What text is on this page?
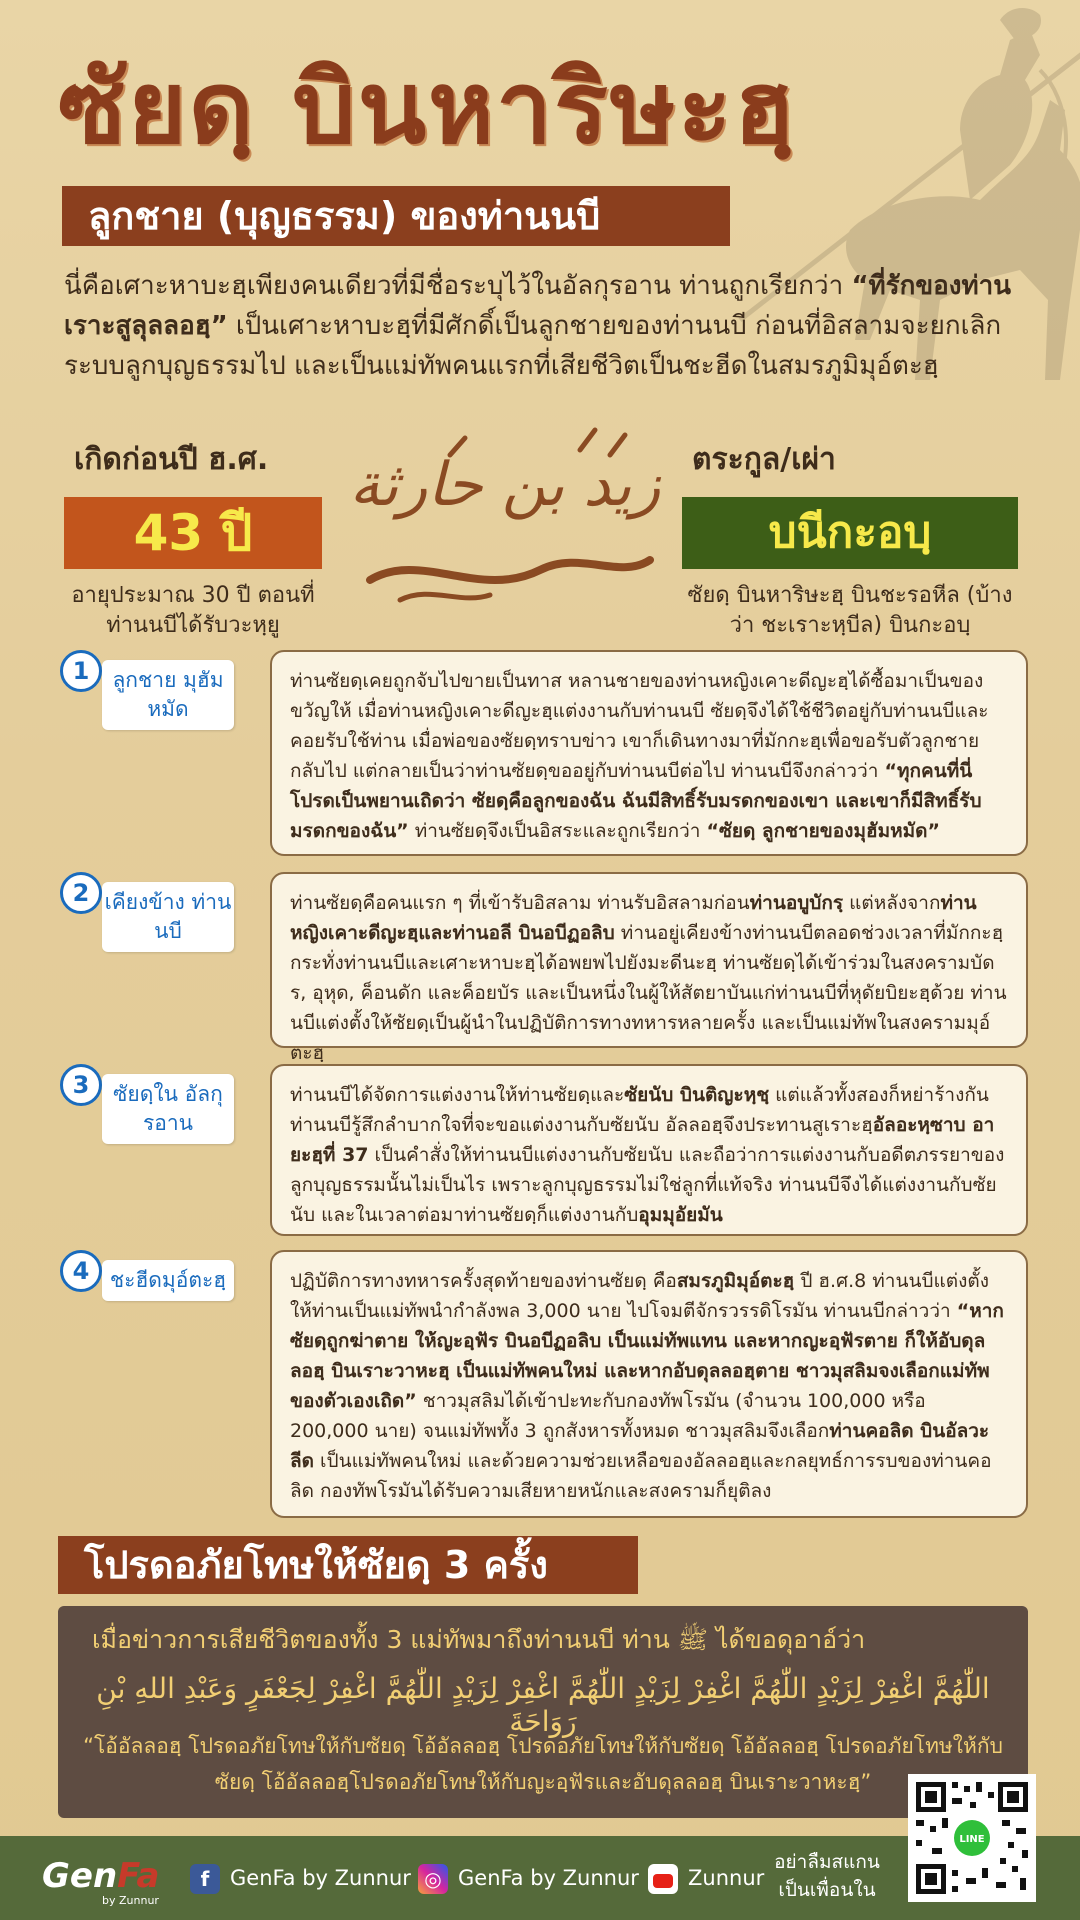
ซัยดฺ บินหาริษะฮฺ
ลูกชาย (บุญธรรม) ของท่านนบี

นี่คือเศาะหาบะฮฺเพียงคนเดียวที่มีชื่อระบุไว้ในอัลกุรอาน ท่านถูกเรียกว่า “ที่รักของท่านเราะสูลุลลอฮฺ” เป็นเศาะหาบะฮฺที่มีศักดิ์เป็นลูกชายของท่านนบี ก่อนที่อิสลามจะยกเลิกระบบลูกบุญธรรมไป และเป็นแม่ทัพคนแรกที่เสียชีวิตเป็นชะฮีดในสมรภูมิมุอ์ตะฮฺ

เกิดก่อนปี ฮ.ศ.
43 ปี
อายุประมาณ 30 ปี ตอนที่ท่านนบีได้รับวะหฺยู
زيد بن حارثة ตระกูล/เผ่า
บนีกะอบฺ
ซัยดฺ บินหาริษะฮฺ บินชะรอหีล (บ้างว่า ชะเราะหฺบีล) บินกะอบฺ
1	ลูกชาย มุฮัมหมัด
ท่านซัยดฺเคยถูกจับไปขายเป็นทาส หลานชายของท่านหญิงเคาะดีญะฮฺได้ซื้อมาเป็นของขวัญให้ เมื่อท่านหญิงเคาะดีญะฮฺแต่งงานกับท่านนบี ซัยดฺจึงได้ใช้ชีวิตอยู่กับท่านนบีและคอยรับใช้ท่าน เมื่อพ่อของซัยดฺทราบข่าว เขาก็เดินทางมาที่มักกะฮฺเพื่อขอรับตัวลูกชายกลับไป แต่กลายเป็นว่าท่านซัยดฺขออยู่กับท่านนบีต่อไป ท่านนบีจึงกล่าวว่า “ทุกคนที่นี่โปรดเป็นพยานเถิดว่า ซัยดฺคือลูกของฉัน ฉันมีสิทธิ์รับมรดกของเขา และเขาก็มีสิทธิ์รับมรดกของฉัน” ท่านซัยดฺจึงเป็นอิสระและถูกเรียกว่า “ซัยดฺ ลูกชายของมุฮัมหมัด”
2 เคียงข้าง ท่านนบี
ท่านซัยดฺคือคนแรก ๆ ที่เข้ารับอิสลาม ท่านรับอิสลามก่อนท่านอบูบักรฺ แต่หลังจากท่านหญิงเคาะดีญะฮฺและท่านอลี บินอบีฏอลิบ ท่านอยู่เคียงข้างท่านนบีตลอดช่วงเวลาที่มักกะฮฺ กระทั่งท่านนบีและเศาะหาบะฮฺได้อพยพไปยังมะดีนะฮฺ ท่านซัยดฺได้เข้าร่วมในสงครามบัดร, อุหุด, ค็อนดัก และค็อยบัร และเป็นหนึ่งในผู้ให้สัตยาบันแก่ท่านนบีที่หุดัยบิยะฮฺด้วย ท่านนบีแต่งตั้งให้ซัยดฺเป็นผู้นำในปฏิบัติการทางทหารหลายครั้ง และเป็นแม่ทัพในสงครามมุอ์ตะฮฺ
3	ซัยดฺใน อัลกุรอาน
ท่านนบีได้จัดการแต่งงานให้ท่านซัยดฺและซัยนับ บินติญะหฺชฺ แต่แล้วทั้งสองก็หย่าร้างกัน ท่านนบีรู้สึกลำบากใจที่จะขอแต่งงานกับซัยนับ อัลลอฮฺจึงประทานสูเราะฮฺอัลอะหฺซาบ อายะฮฺที่ 37 เป็นคำสั่งให้ท่านนบีแต่งงานกับซัยนับ และถือว่าการแต่งงานกับอดีตภรรยาของลูกบุญธรรมนั้นไม่เป็นไร เพราะลูกบุญธรรมไม่ใช่ลูกที่แท้จริง ท่านนบีจึงได้แต่งงานกับซัยนับ และในเวลาต่อมาท่านซัยดฺก็แต่งงานกับอุมมุอัยมัน
4 ชะฮีดมุอ์ตะฮฺ	ปฏิบัติการทางทหารครั้งสุดท้ายของท่านซัยดฺ คือสมรภูมิมุอ์ตะฮฺ ปี ฮ.ศ.8 ท่านนบีแต่งตั้งให้ท่านเป็นแม่ทัพนำกำลังพล 3,000 นาย ไปโจมตีจักรวรรดิโรมัน ท่านนบีกล่าวว่า “หากซัยดฺถูกฆ่าตาย ให้ญะอฺฟัร บินอบีฏอลิบ เป็นแม่ทัพแทน และหากญะอฺฟัรตาย ก็ให้อับดุลลอฮฺ บินเราะวาหะฮฺ เป็นแม่ทัพคนใหม่ และหากอับดุลลอฮฺตาย ชาวมุสลิมจงเลือกแม่ทัพของตัวเองเถิด” ชาวมุสลิมได้เข้าปะทะกับกองทัพโรมัน (จำนวน 100,000 หรือ 200,000 นาย) จนแม่ทัพทั้ง 3 ถูกสังหารทั้งหมด ชาวมุสลิมจึงเลือกท่านคอลิด บินอัลวะลีด เป็นแม่ทัพคนใหม่ และด้วยความช่วยเหลือของอัลลอฮฺและกลยุทธ์การรบของท่านคอลิด กองทัพโรมันได้รับความเสียหายหนักและสงครามก็ยุติลง
โปรดอภัยโทษให้ซัยดฺ 3 ครั้ง
เมื่อข่าวการเสียชีวิตของทั้ง 3 แม่ทัพมาถึงท่านนบี ท่าน ﷺ ได้ขอดุอาอ์ว่า
اللّٰهُمَّ اغْفِرْ لِزَيْدٍ اللّٰهُمَّ اغْفِرْ لِزَيْدٍ اللّٰهُمَّ اغْفِرْ لِزَيْدٍ اللّٰهُمَّ اغْفِرْ لِجَعْفَرٍ وَعَبْدِ اللهِ بْنِ رَوَاحَةَ
“โอ้อัลลอฮฺ โปรดอภัยโทษให้กับซัยดฺ โอ้อัลลอฮฺ โปรดอภัยโทษให้กับซัยดฺ โอ้อัลลอฮฺ โปรดอภัยโทษให้กับซัยดฺ โอ้อัลลอฮฺโปรดอภัยโทษให้กับญะอฺฟัรและอับดุลลอฮฺ บินเราะวาหะฮฺ”
GenFa
by Zunnur
f GenFa by Zunnur ◎ GenFa by Zunnur	Zunnur
อย่าลืมสแกน เป็นเพื่อนใน
LINE
